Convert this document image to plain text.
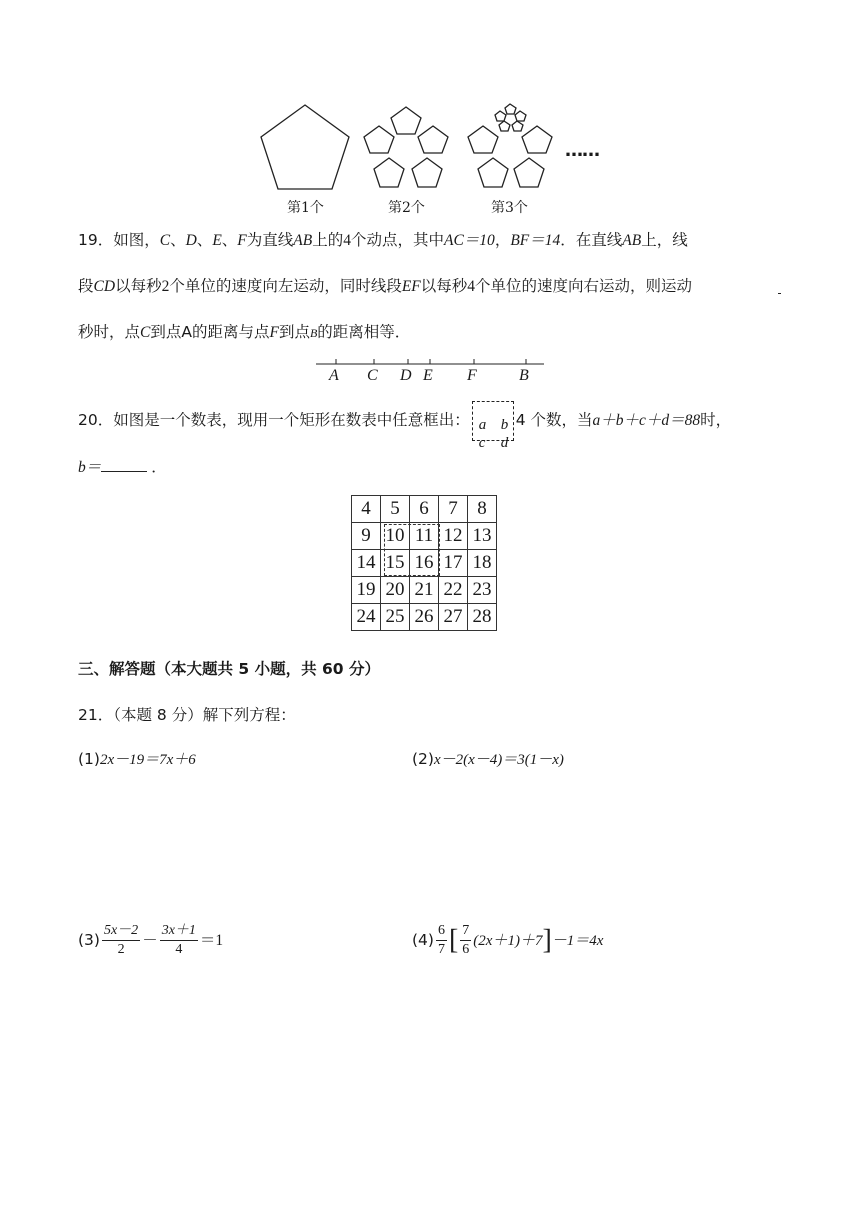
……
第1个	第2个	第3个
19．如图，C、D、E、F为直线AB上的4个动点，其中AC＝10，BF＝14．在直线AB上，线
段CD以每秒2个单位的速度向左运动，同时线段EF以每秒4个单位的速度向右运动，则运动
秒时，点C到点A的距离与点F到点B的距离相等．
A C D E F	B
20．如图是一个数表，现用一个矩形在数表中任意框出： a b
c d
4 个数，当a＋b＋c＋d＝88时，
b＝	．
4	5	6	7	8
9	10	11	12	13
14	15	16	17	18
19	20	21	22	23
24	25	26	27	28
三、解答题（本大题共 5 小题，共 60 分）
21．（本题 8 分）解下列方程：
(1)2x－19＝7x＋6	(2)x－2(x－4)＝3(1－x)
$(3) \frac{5x-2}{2} - \frac{3x+1}{4} =1$	$(4) \frac{6}{7}$ [ $\frac{7}{6} (2x+1)+7]-1=4x$
